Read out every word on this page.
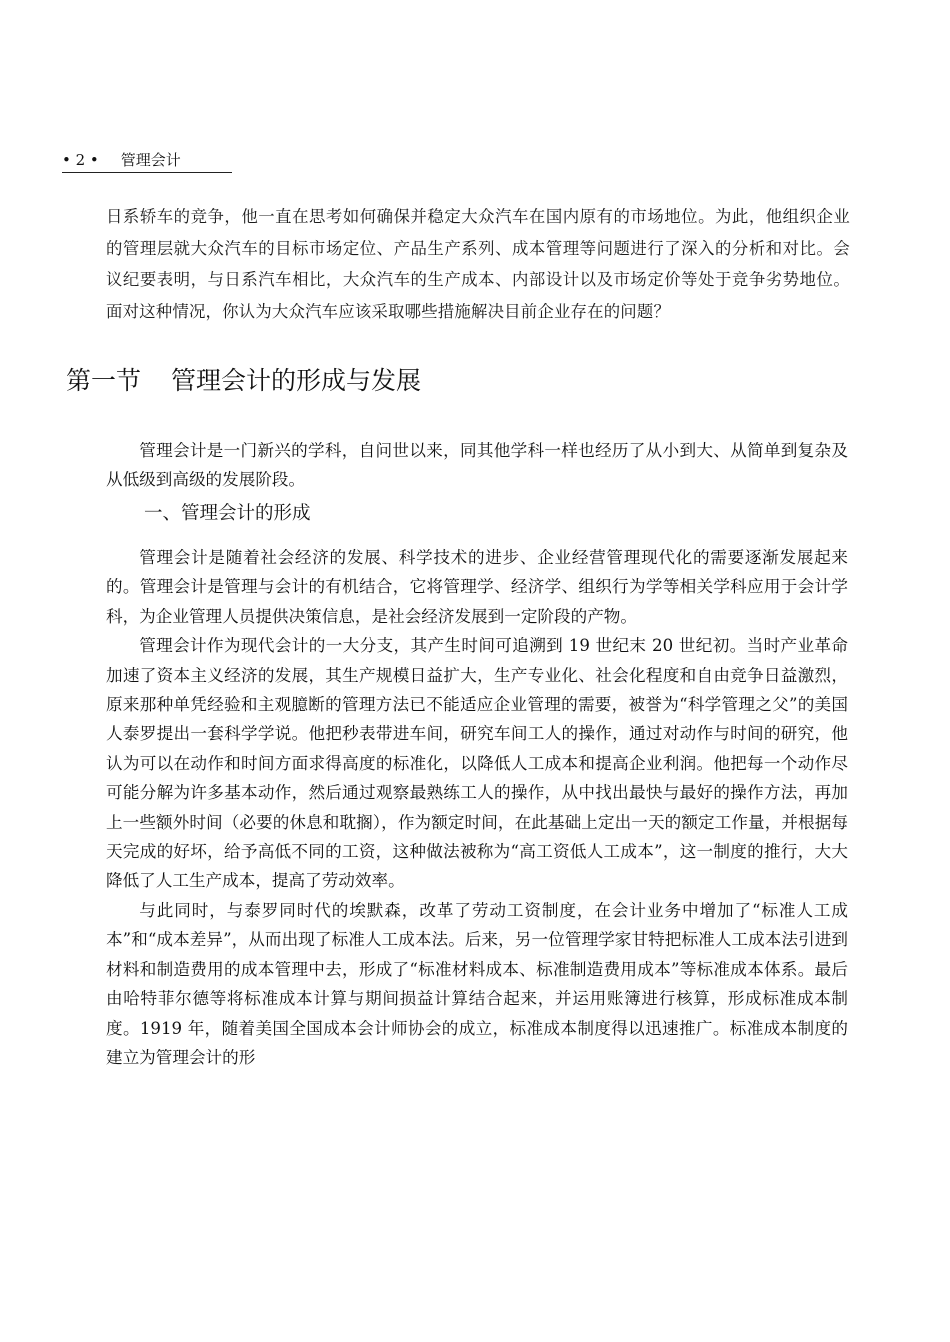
• 2 • 管理会计
日系轿车的竞争，他一直在思考如何确保并稳定大众汽车在国内原有的市场地位。为此，他组织企业的管理层就大众汽车的目标市场定位、产品生产系列、成本管理等问题进行了深入的分析和对比。会议纪要表明，与日系汽车相比，大众汽车的生产成本、内部设计以及市场定价等处于竞争劣势地位。面对这种情况，你认为大众汽车应该采取哪些措施解决目前企业存在的问题？
第一节 管理会计的形成与发展

管理会计是一门新兴的学科，自问世以来，同其他学科一样也经历了从小到大、从简单到复杂及从低级到高级的发展阶段。

一、管理会计的形成

管理会计是随着社会经济的发展、科学技术的进步、企业经营管理现代化的需要逐渐发展起来的。管理会计是管理与会计的有机结合，它将管理学、经济学、组织行为学等相关学科应用于会计学科，为企业管理人员提供决策信息，是社会经济发展到一定阶段的产物。

管理会计作为现代会计的一大分支，其产生时间可追溯到 19 世纪末 20 世纪初。当时产业革命加速了资本主义经济的发展，其生产规模日益扩大，生产专业化、社会化程度和自由竞争日益激烈，原来那种单凭经验和主观臆断的管理方法已不能适应企业管理的需要，被誉为“科学管理之父”的美国人泰罗提出一套科学学说。他把秒表带进车间，研究车间工人的操作，通过对动作与时间的研究，他认为可以在动作和时间方面求得高度的标准化，以降低人工成本和提高企业利润。他把每一个动作尽可能分解为许多基本动作，然后通过观察最熟练工人的操作，从中找出最快与最好的操作方法，再加上一些额外时间（必要的休息和耽搁），作为额定时间，在此基础上定出一天的额定工作量，并根据每天完成的好坏，给予高低不同的工资，这种做法被称为“高工资低人工成本”，这一制度的推行，大大降低了人工生产成本，提高了劳动效率。

与此同时，与泰罗同时代的埃默森，改革了劳动工资制度，在会计业务中增加了“标准人工成本”和“成本差异”，从而出现了标准人工成本法。后来，另一位管理学家甘特把标准人工成本法引进到材料和制造费用的成本管理中去，形成了“标准材料成本、标准制造费用成本”等标准成本体系。最后由哈特菲尔德等将标准成本计算与期间损益计算结合起来，并运用账簿进行核算，形成标准成本制度。1919 年，随着美国全国成本会计师协会的成立，标准成本制度得以迅速推广。标准成本制度的建立为管理会计的形
